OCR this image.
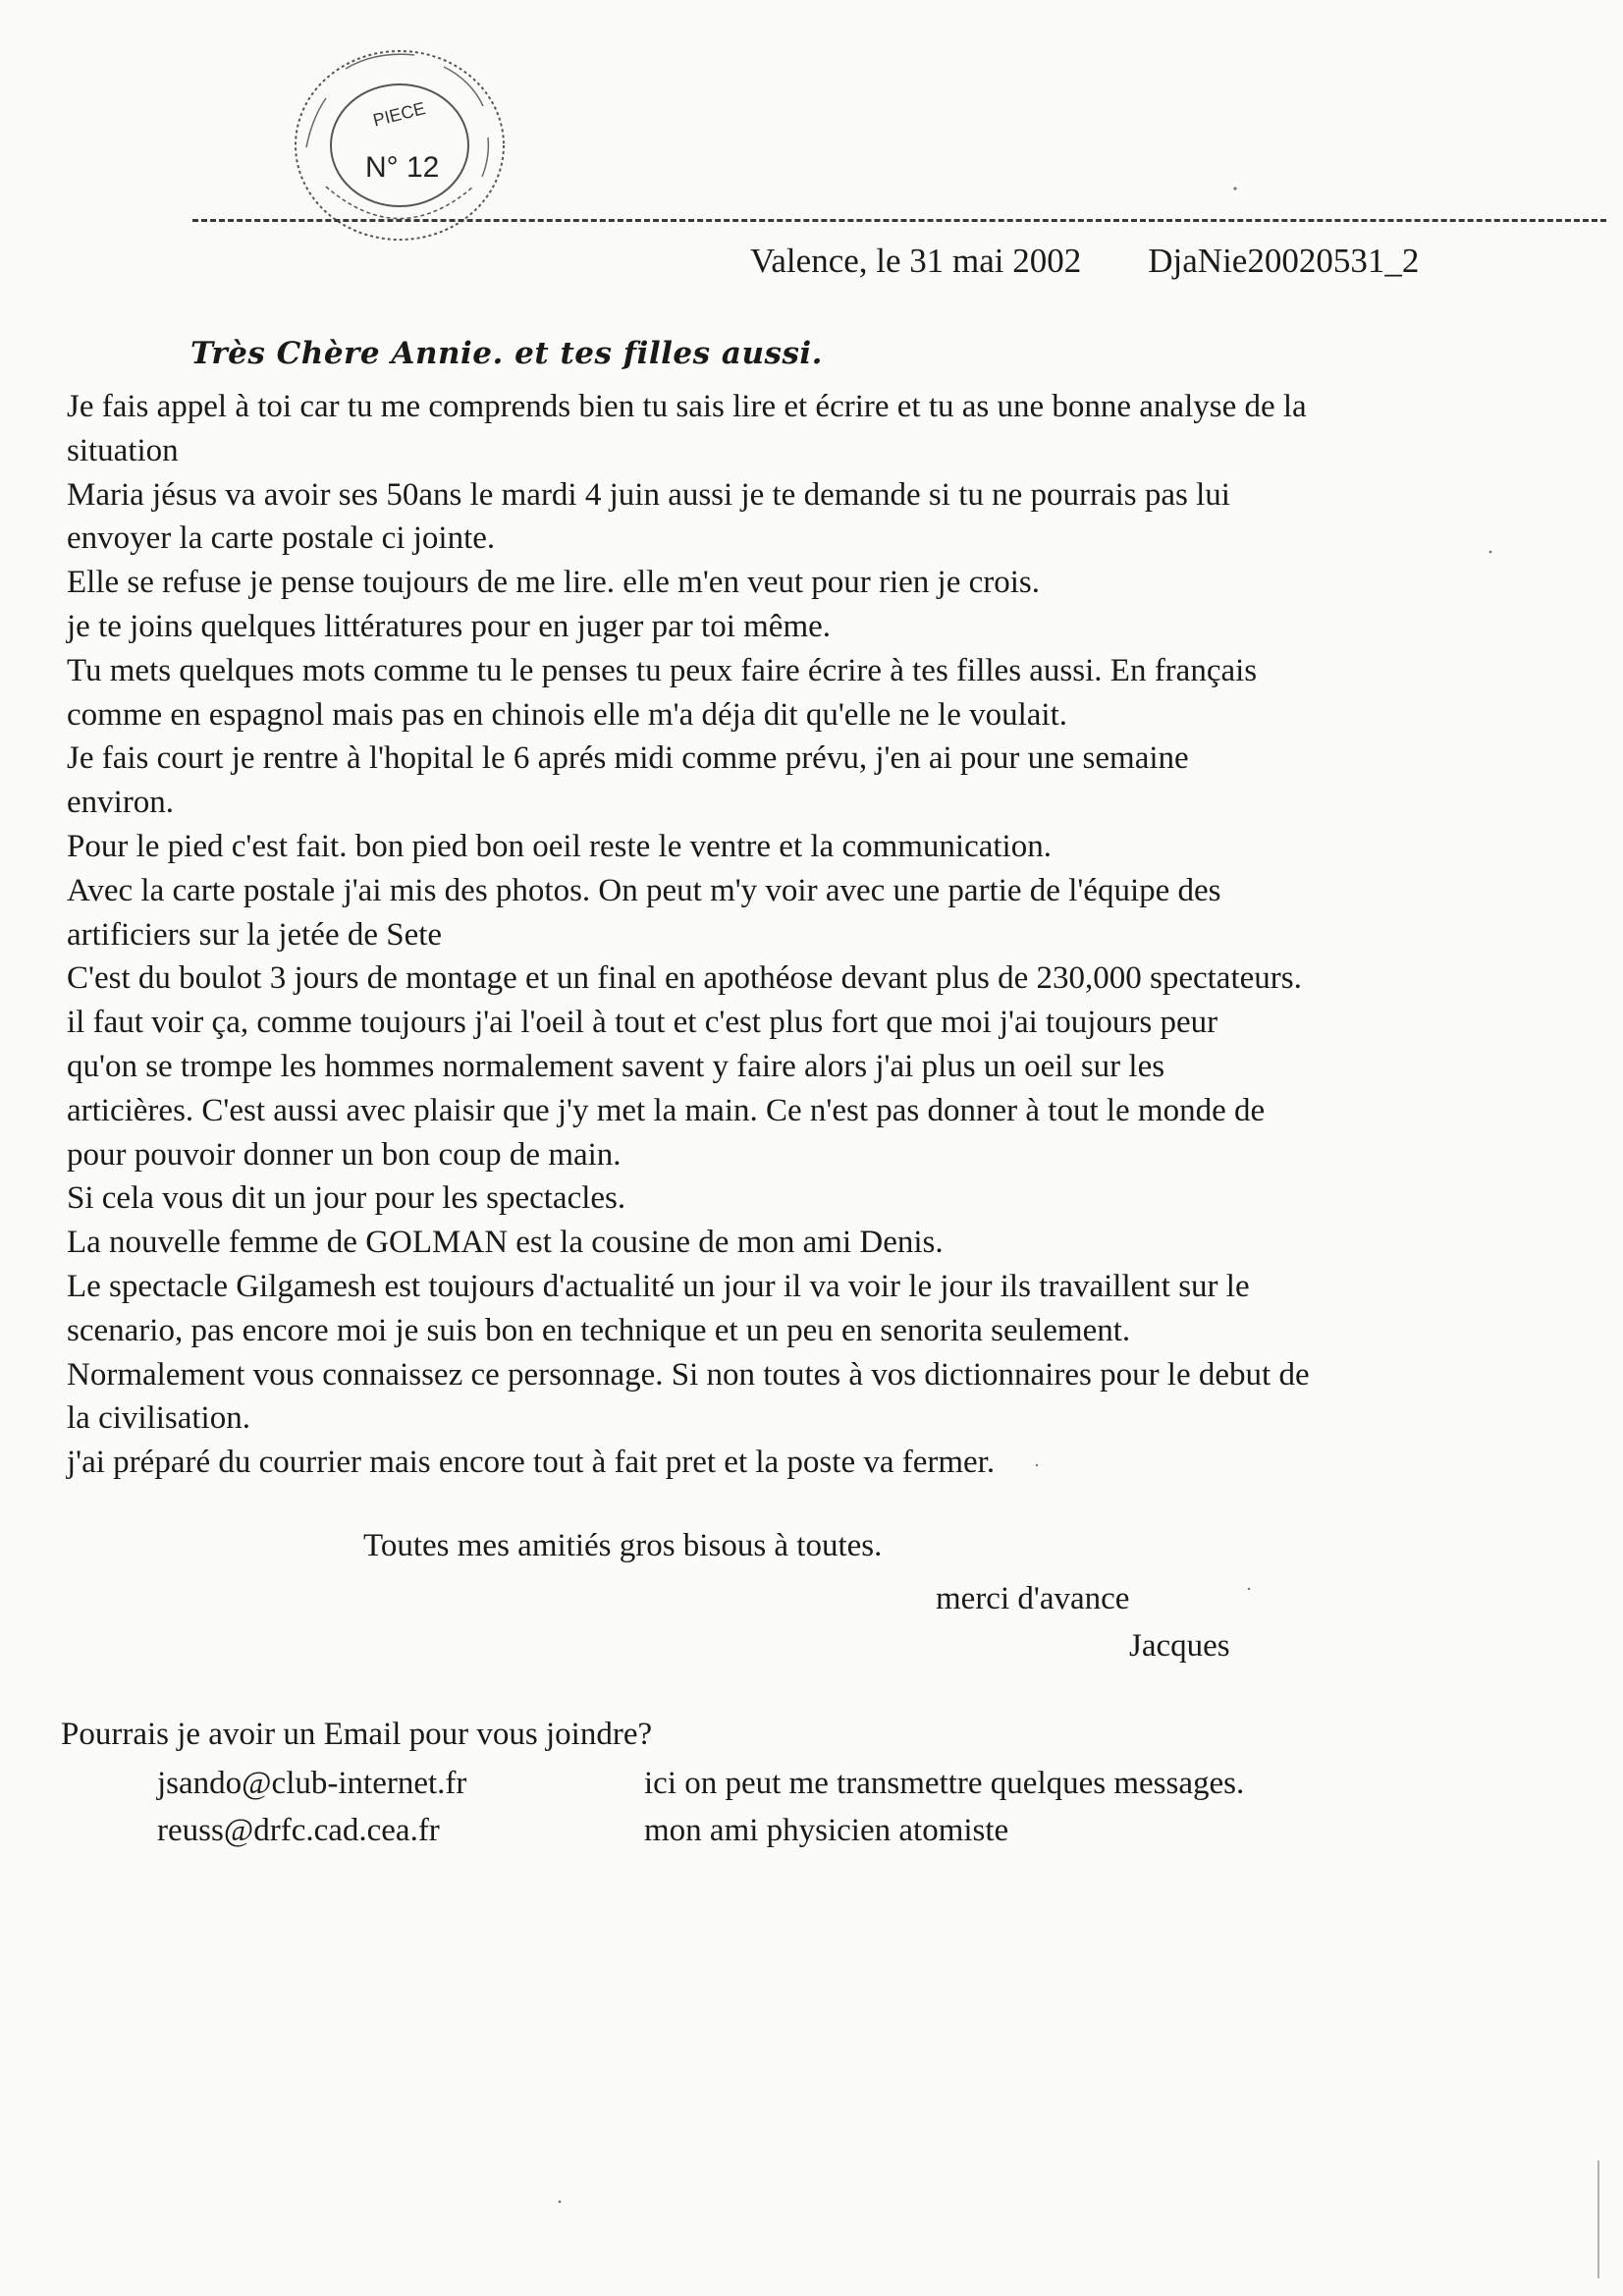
PIECE
N° 12
Valence, le 31 mai 2002 DjaNie20020531_2
Très Chère Annie. et tes filles aussi.
Je fais appel à toi car tu me comprends bien tu sais lire et écrire et tu as une bonne analyse de la
situation
Maria jésus va avoir ses 50ans le mardi 4 juin aussi je te demande si tu ne pourrais pas lui
envoyer la carte postale ci jointe.
Elle se refuse je pense toujours de me lire. elle m'en veut pour rien je crois.
je te joins quelques littératures pour en juger par toi même.
Tu mets quelques mots comme tu le penses tu peux faire écrire à tes filles aussi. En français
comme en espagnol mais pas en chinois elle m'a déja dit qu'elle ne le voulait.
Je fais court je rentre à l'hopital le 6 aprés midi comme prévu, j'en ai pour une semaine
environ.
Pour le pied c'est fait. bon pied bon oeil reste le ventre et la communication.
Avec la carte postale j'ai mis des photos. On peut m'y voir avec une partie de l'équipe des
artificiers sur la jetée de Sete
C'est du boulot 3 jours de montage et un final en apothéose devant plus de 230,000 spectateurs.
il faut voir ça, comme toujours j'ai l'oeil à tout et c'est plus fort que moi j'ai toujours peur
qu'on se trompe les hommes normalement savent y faire alors j'ai plus un oeil sur les
articières. C'est aussi avec plaisir que j'y met la main. Ce n'est pas donner à tout le monde de
pour pouvoir donner un bon coup de main.
Si cela vous dit un jour pour les spectacles.
La nouvelle femme de GOLMAN est la cousine de mon ami Denis.
Le spectacle Gilgamesh est toujours d'actualité un jour il va voir le jour ils travaillent sur le
scenario, pas encore moi je suis bon en technique et un peu en senorita seulement.
Normalement vous connaissez ce personnage. Si non toutes à vos dictionnaires pour le debut de
la civilisation.
j'ai préparé du courrier mais encore tout à fait pret et la poste va fermer.
Toutes mes amitiés gros bisous à toutes.
merci d'avance
Jacques
Pourrais je avoir un Email pour vous joindre?
jsando@club-internet.fr	ici on peut me transmettre quelques messages.
reuss@drfc.cad.cea.fr	mon ami physicien atomiste
